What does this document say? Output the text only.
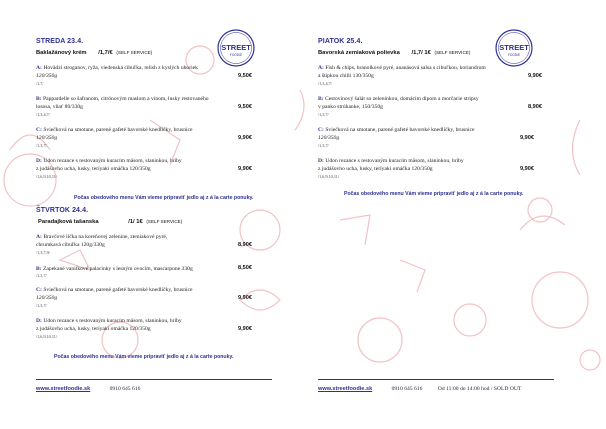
STREET
FOODIE
STREDA 23.4.
Baklažánový krém /1,7/€ (SELF SERVICE)
A: Hovädzí stroganov, ryža, viedenská cibuľka, relish z kyslých uhoriek
120/350g
/1,7/
9,50€
B: Pappardelle so šafranom, citrónovým maslom a vínom, lusky restovaného
lososa, vňať 80/330g
/1,3,4,7/
9,50€
C: Sviečková na smotane, parené gafeté bavorské knedlíčky, brusnice
120/350g
/1,3,7/
9,90€
D: Udon rezance s restovaným kuracím mäsom, slaninkou, hríby
z judášovho ucha, lusky, teriyaki omáčka 120/350g
/1,6,9,10,11/
9,90€
Počas obedového menu Vám vieme pripraviť jedlo aj z á la carte ponuky.
ŠTVRTOK 24.4.
Paradajková tašanska	/1/ 1€ (SELF SERVICE)
A: Bravčové líčka na koreňovej zelenine, zemiakové pyré,
chrumkavá cibuľka 120g/330g
/1,3,7,9/
8,90€
B: Zapekané vanilkové palacinky s lesným ovocím, mascarpone 330g
/1,3,7/
8,50€
C: Sviečková na smotane, parené gafeté bavorské knedlíčky, brusnice
120/350g
/1,3,7/
9,90€
D: Udon rezance s restovaným kuracím mäsom, slaninkou, hríby
z judášovho ucha, lusky, teriyaki omáčka 120/350g
/1,6,9,10,11/
9,90€
Počas obedového menu Vám vieme pripraviť jedlo aj z á la carte ponuky.
STREET
FOODIE
PIATOK 25.4.
Bavorská zemiaková polievka /1,7/ 1€ (SELF SERVICE)
A: Fish & chips, hranolkové pyré, ananásová salsa s cibuľkou, koriandrom
a štipkou chilli 130/350g
/1,3,4,7/
9,90€
B: Cestovinový šalát so zeleninkou, domácim dipom a morčacie stripsy
v panko strúhanke, 150/350g
/1,3,7/
8,90€
C: Sviečková na smotane, parené gafeté bavorské knedlíčky, brusnice
120/350g
/1,3,7/
9,90€
D: Udon rezance s restovaným kuracím mäsom, slaninkou, hríby
z judášovho ucha, lusky, teriyaki omáčka 120/350g
/1,6,9,10,11/
9,90€
Počas obedového menu Vám vieme pripraviť jedlo aj z á la carte ponuky.
www.streetfoodie.sk	0910 645 616	www.streetfoodie.sk	0910 645 616	Od 11:00 do 14:00 hod / SOLD OUT
